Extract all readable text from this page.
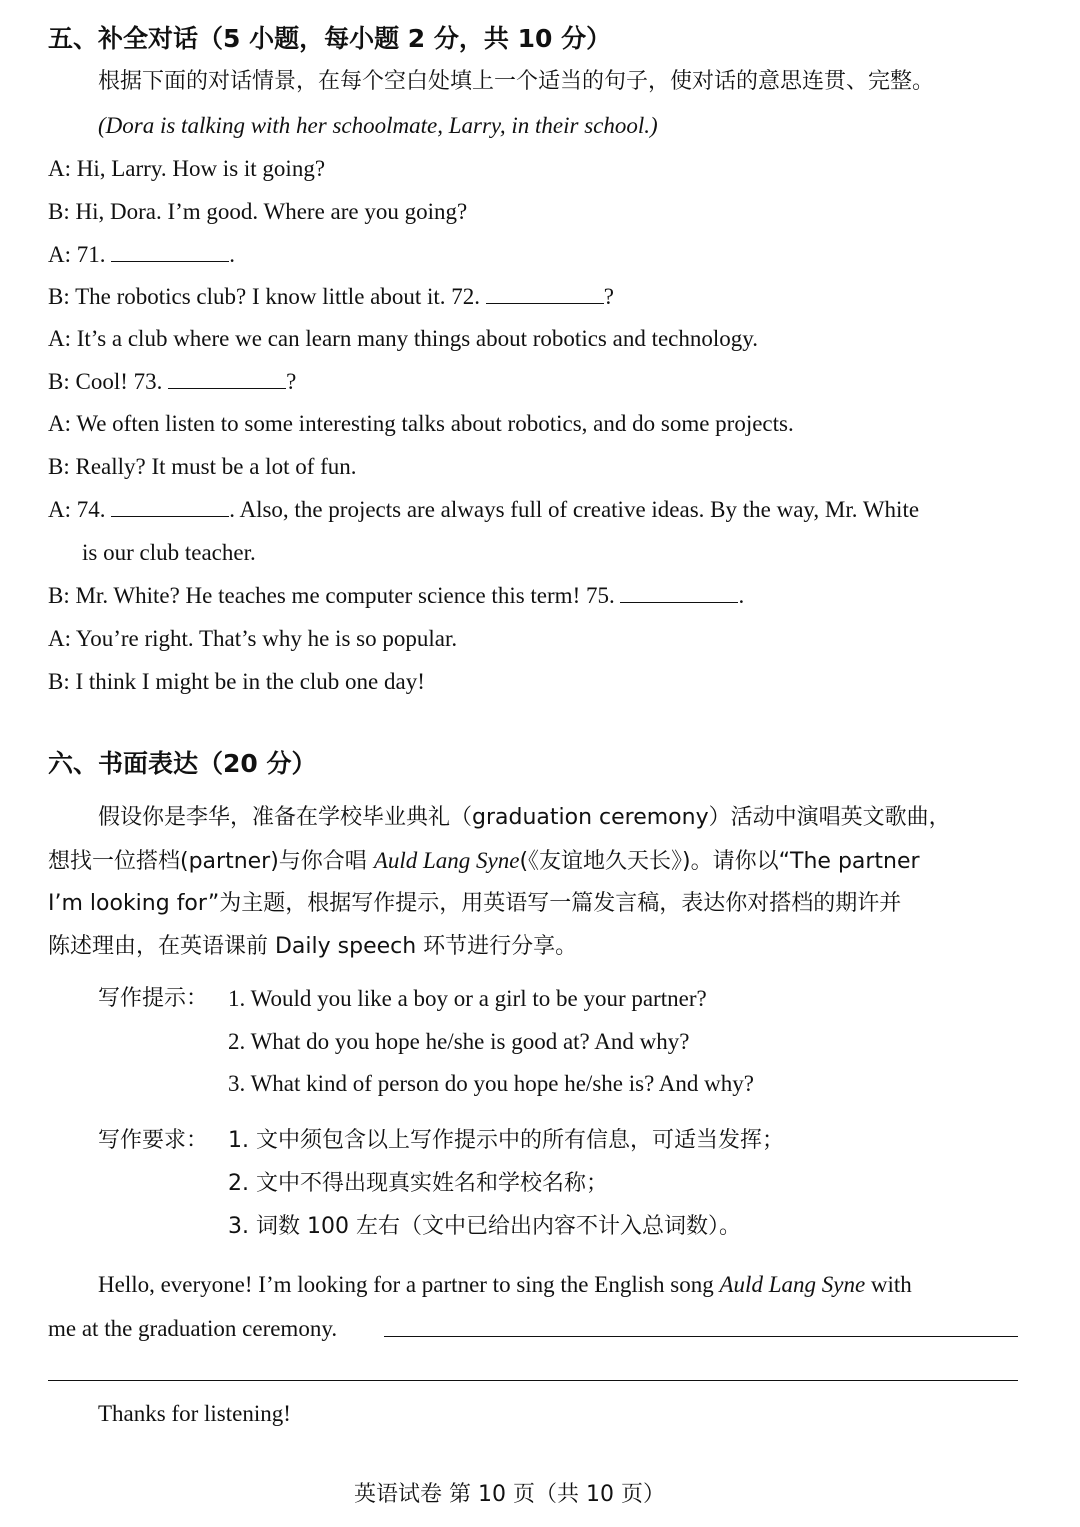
五、补全对话（5 小题，每小题 2 分，共 10 分）
根据下面的对话情景，在每个空白处填上一个适当的句子，使对话的意思连贯、完整。
(Dora is talking with her schoolmate, Larry, in their school.)
A: Hi, Larry. How is it going?
B: Hi, Dora. I’m good. Where are you going?
A: 71.	.
B: The robotics club? I know little about it. 72.	?
A: It’s a club where we can learn many things about robotics and technology.
B: Cool! 73.	?
A: We often listen to some interesting talks about robotics, and do some projects.
B: Really? It must be a lot of fun.
A: 74.	. Also, the projects are always full of creative ideas. By the way, Mr. White
is our club teacher.
B: Mr. White? He teaches me computer science this term! 75.	.
A: You’re right. That’s why he is so popular.
B: I think I might be in the club one day!
六、书面表达（20 分）
假设你是李华，准备在学校毕业典礼（graduation ceremony）活动中演唱英文歌曲，
想找一位搭档(partner)与你合唱 Auld Lang Syne(《友谊地久天长》)。请你以“The partner
I’m looking for”为主题，根据写作提示，用英语写一篇发言稿，表达你对搭档的期许并
陈述理由，在英语课前 Daily speech 环节进行分享。
写作提示： 1. Would you like a boy or a girl to be your partner?
2. What do you hope he/she is good at? And why?
3. What kind of person do you hope he/she is? And why?
写作要求： 1. 文中须包含以上写作提示中的所有信息，可适当发挥；
2. 文中不得出现真实姓名和学校名称；
3. 词数 100 左右（文中已给出内容不计入总词数）。
Hello, everyone! I’m looking for a partner to sing the English song Auld Lang Syne with
me at the graduation ceremony.
Thanks for listening!
英语试卷 第 10 页（共 10 页）
